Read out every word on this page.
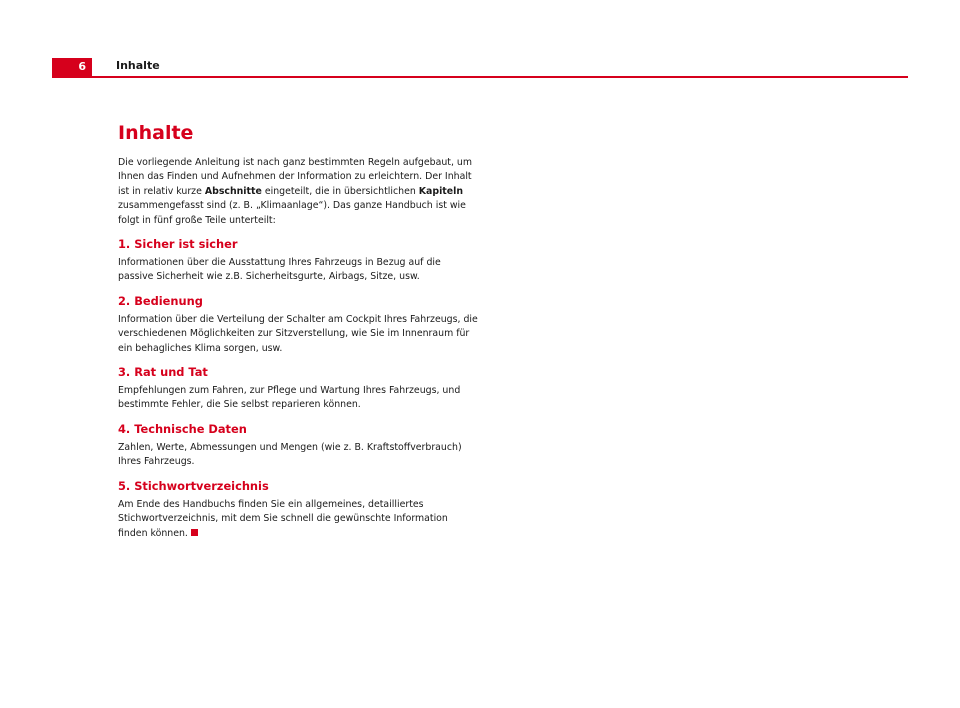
6	Inhalte
Inhalte

Die vorliegende Anleitung ist nach ganz bestimmten Regeln aufgebaut, um Ihnen das Finden und Aufnehmen der Information zu erleichtern. Der Inhalt ist in relativ kurze Abschnitte eingeteilt, die in übersichtlichen Kapiteln zusammengefasst sind (z. B. „Klimaanlage“). Das ganze Handbuch ist wie folgt in fünf große Teile unterteilt:

1. Sicher ist sicher

Informationen über die Ausstattung Ihres Fahrzeugs in Bezug auf die passive Sicherheit wie z.B. Sicherheitsgurte, Airbags, Sitze, usw.

2. Bedienung

Information über die Verteilung der Schalter am Cockpit Ihres Fahrzeugs, die verschiedenen Möglichkeiten zur Sitzverstellung, wie Sie im Innenraum für ein behagliches Klima sorgen, usw.

3. Rat und Tat

Empfehlungen zum Fahren, zur Pflege und Wartung Ihres Fahrzeugs, und bestimmte Fehler, die Sie selbst reparieren können.

4. Technische Daten

Zahlen, Werte, Abmessungen und Mengen (wie z. B. Kraftstoffverbrauch) Ihres Fahrzeugs.

5. Stichwortverzeichnis

Am Ende des Handbuchs finden Sie ein allgemeines, detailliertes Stichwortverzeichnis, mit dem Sie schnell die gewünschte Information finden können.
